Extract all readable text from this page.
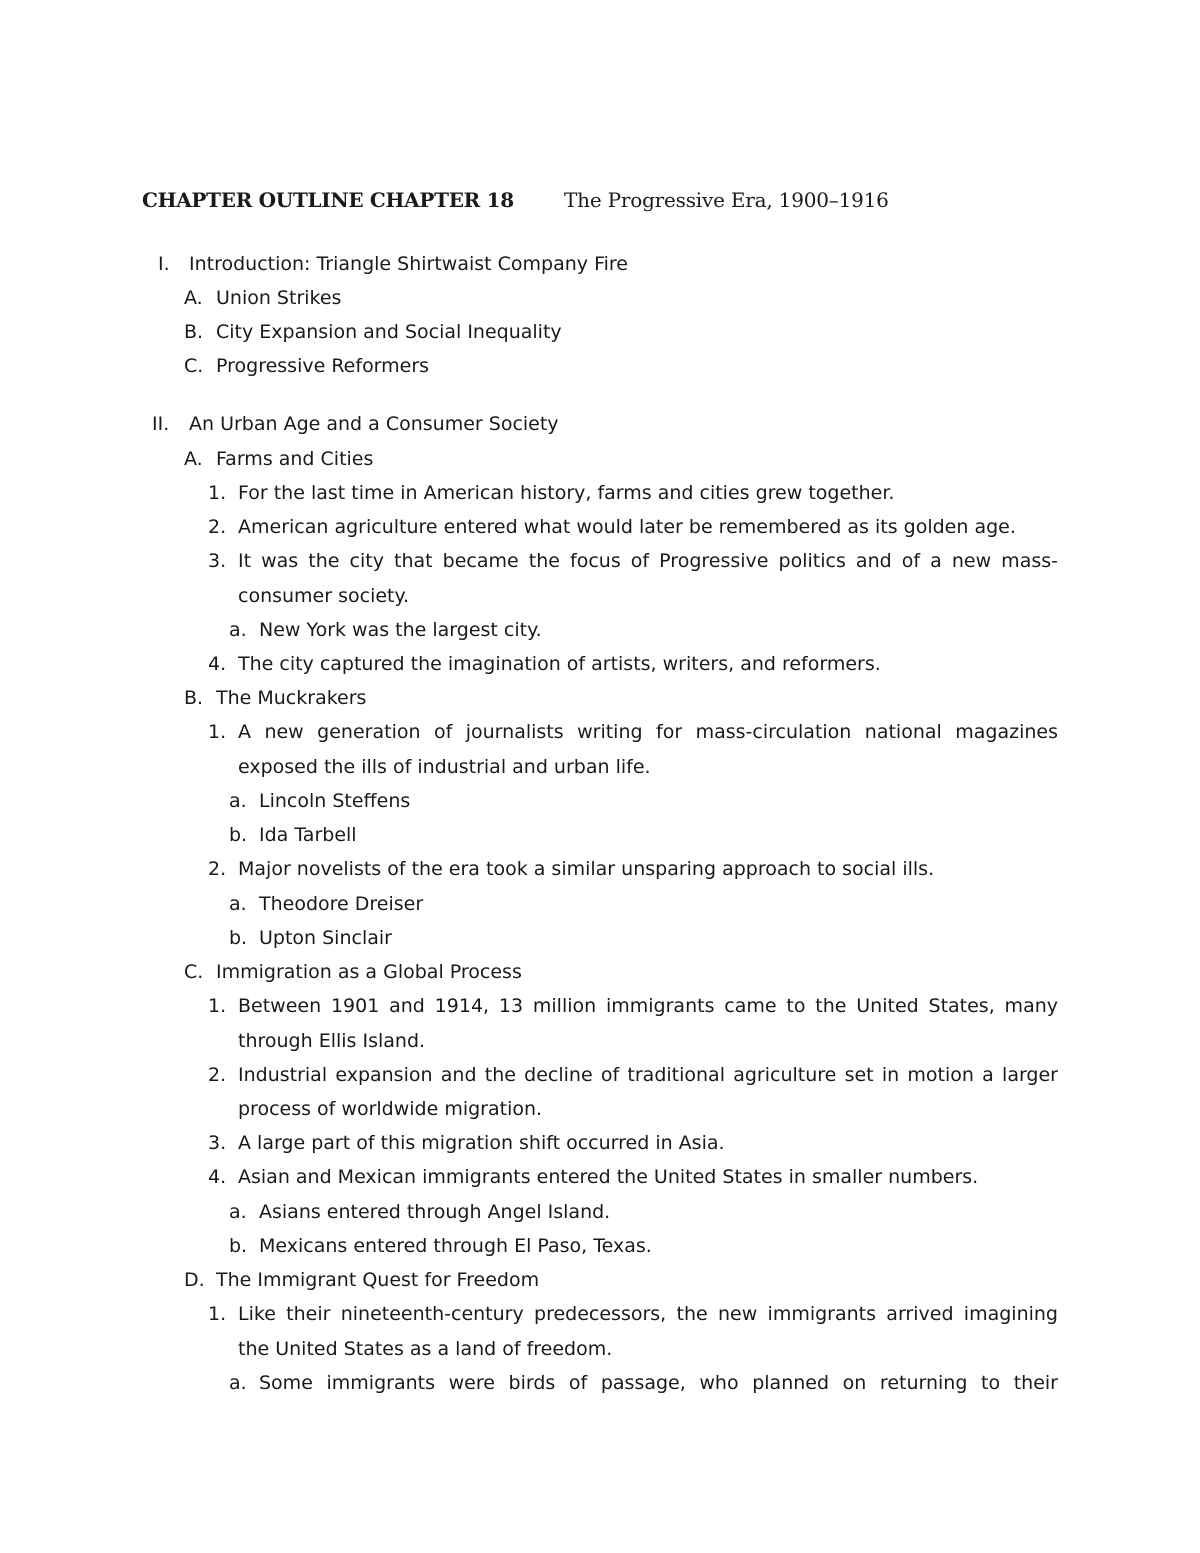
CHAPTER OUTLINE CHAPTER 18	The Progressive Era, 1900–1916
I. Introduction: Triangle Shirtwaist Company Fire
A. Union Strikes
B. City Expansion and Social Inequality
C. Progressive Reformers
II. An Urban Age and a Consumer Society
A. Farms and Cities
1. For the last time in American history, farms and cities grew together.
2. American agriculture entered what would later be remembered as its golden age.
3. It was the city that became the focus of Progressive politics and of a new mass-
consumer society.
a. New York was the largest city.
4. The city captured the imagination of artists, writers, and reformers.
B. The Muckrakers
1. A new generation of journalists writing for mass-circulation national magazines
exposed the ills of industrial and urban life.
a. Lincoln Steffens
b. Ida Tarbell
2. Major novelists of the era took a similar unsparing approach to social ills.
a. Theodore Dreiser
b. Upton Sinclair
C. Immigration as a Global Process
1. Between 1901 and 1914, 13 million immigrants came to the United States, many
through Ellis Island.
2. Industrial expansion and the decline of traditional agriculture set in motion a larger
process of worldwide migration.
3. A large part of this migration shift occurred in Asia.
4. Asian and Mexican immigrants entered the United States in smaller numbers.
a. Asians entered through Angel Island.
b. Mexicans entered through El Paso, Texas.
D. The Immigrant Quest for Freedom
1. Like their nineteenth-century predecessors, the new immigrants arrived imagining
the United States as a land of freedom.
a. Some immigrants were birds of passage, who planned on returning to their
